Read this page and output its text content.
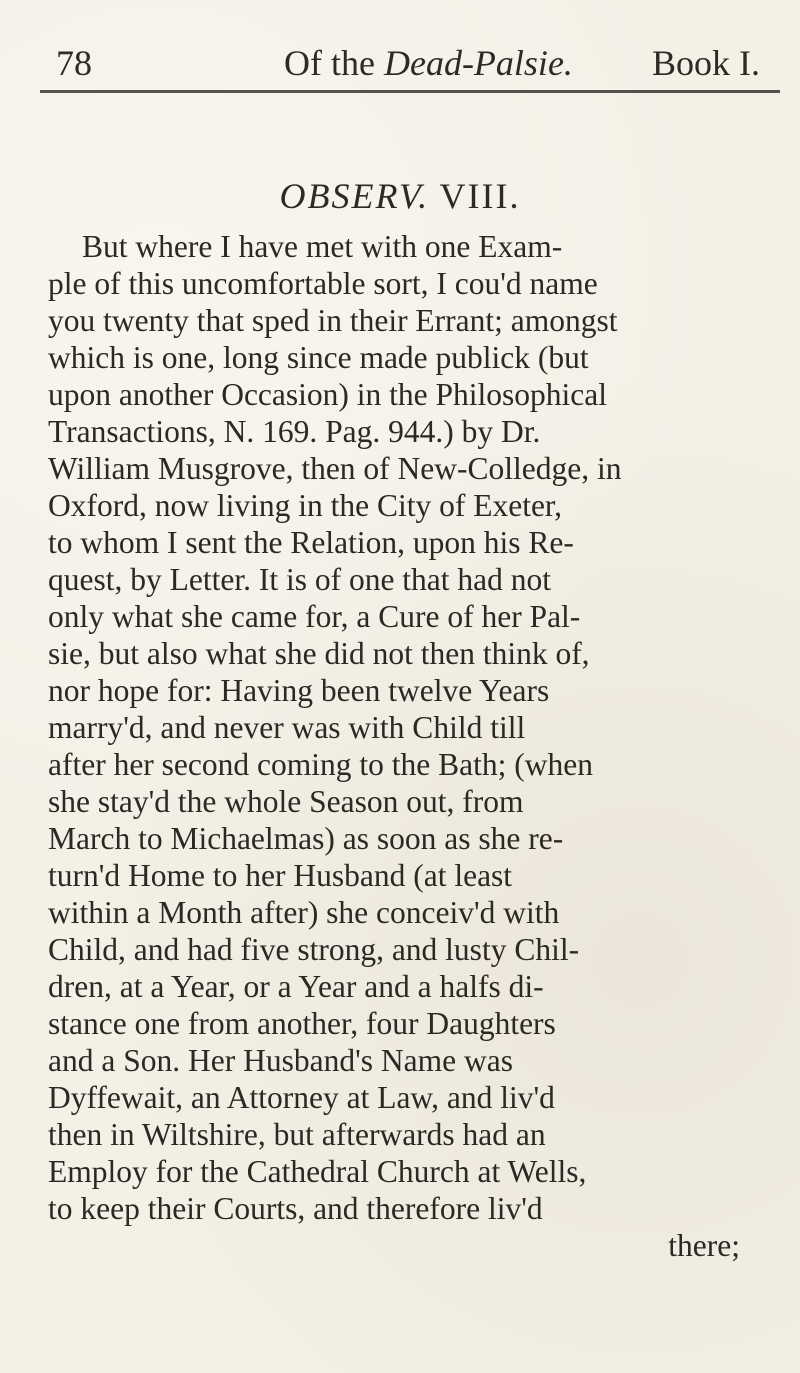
78	Of the Dead-Palsie. Book I.
OBSERV. VIII.
But where I have met with one Exam-
ple of this uncomfortable sort, I cou'd name
you twenty that sped in their Errant; amongst
which is one, long since made publick (but
upon another Occasion) in the Philosophical
Transactions, N. 169. Pag. 944.) by Dr.
William Musgrove, then of New-Colledge, in
Oxford, now living in the City of Exeter,
to whom I sent the Relation, upon his Re-
quest, by Letter. It is of one that had not
only what she came for, a Cure of her Pal-
sie, but also what she did not then think of,
nor hope for: Having been twelve Years
marry'd, and never was with Child till
after her second coming to the Bath; (when
she stay'd the whole Season out, from
March to Michaelmas) as soon as she re-
turn'd Home to her Husband (at least
within a Month after) she conceiv'd with
Child, and had five strong, and lusty Chil-
dren, at a Year, or a Year and a halfs di-
stance one from another, four Daughters
and a Son. Her Husband's Name was
Dyffewait, an Attorney at Law, and liv'd
then in Wiltshire, but afterwards had an
Employ for the Cathedral Church at Wells,
to keep their Courts, and therefore liv'd
there;
